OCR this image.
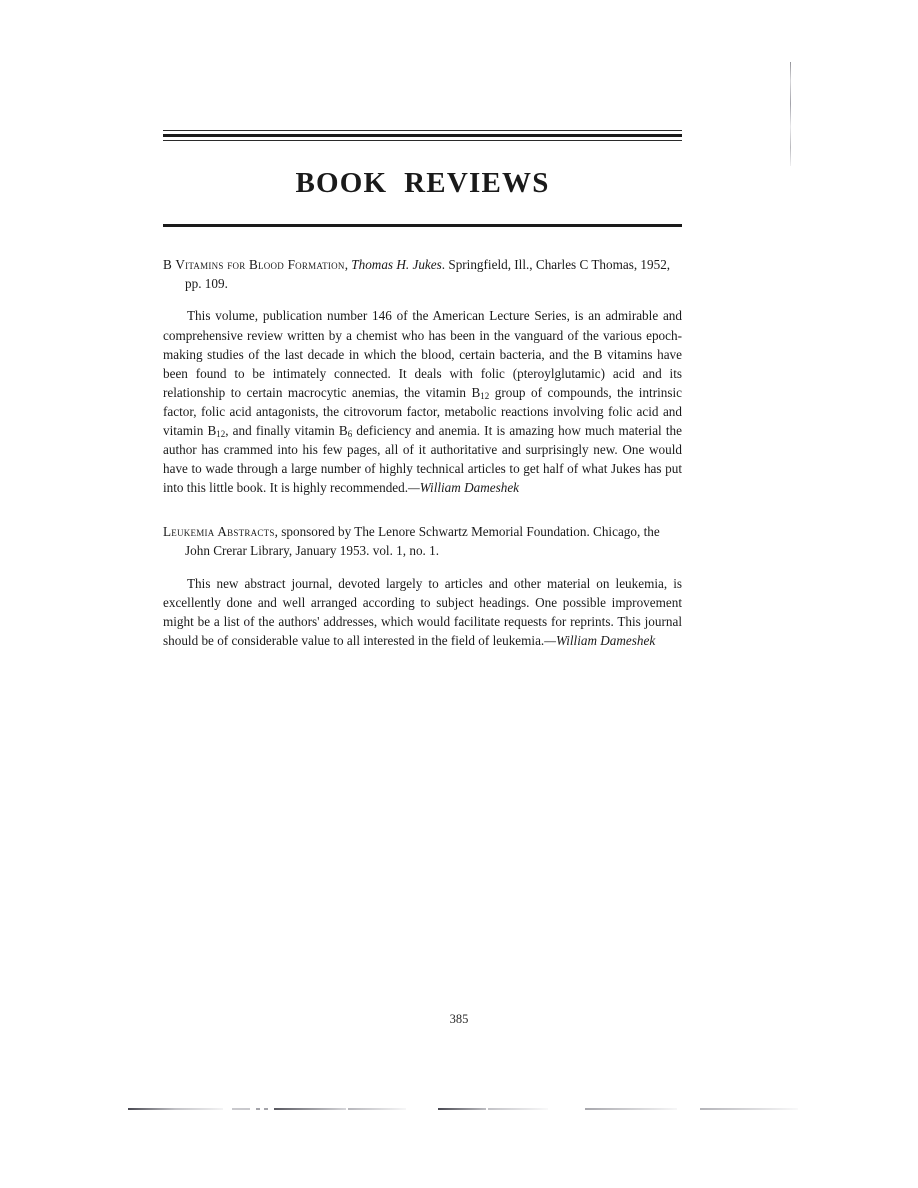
BOOK  REVIEWS
B Vitamins for Blood Formation, Thomas H. Jukes. Springfield, Ill., Charles C Thomas, 1952, pp. 109.

This volume, publication number 146 of the American Lecture Series, is an admirable and comprehensive review written by a chemist who has been in the vanguard of the various epoch-making studies of the last decade in which the blood, certain bacteria, and the B vitamins have been found to be intimately connected. It deals with folic (pteroylglutamic) acid and its relationship to certain macrocytic anemias, the vitamin $B_{12}$ group of compounds, the intrinsic factor, folic acid antagonists, the citrovorum factor, metabolic reactions involving folic acid and vitamin $B_{12}$, and finally vitamin $B_6$ deficiency and anemia. It is amazing how much material the author has crammed into his few pages, all of it authoritative and surprisingly new. One would have to wade through a large number of highly technical articles to get half of what Jukes has put into this little book. It is highly recommended.—William Dameshek

Leukemia Abstracts, sponsored by The Lenore Schwartz Memorial Foundation. Chicago, the John Crerar Library, January 1953. vol. 1, no. 1.

This new abstract journal, devoted largely to articles and other material on leukemia, is excellently done and well arranged according to subject headings. One possible improvement might be a list of the authors' addresses, which would facilitate requests for reprints. This journal should be of considerable value to all interested in the field of leukemia.—William Dameshek

385
